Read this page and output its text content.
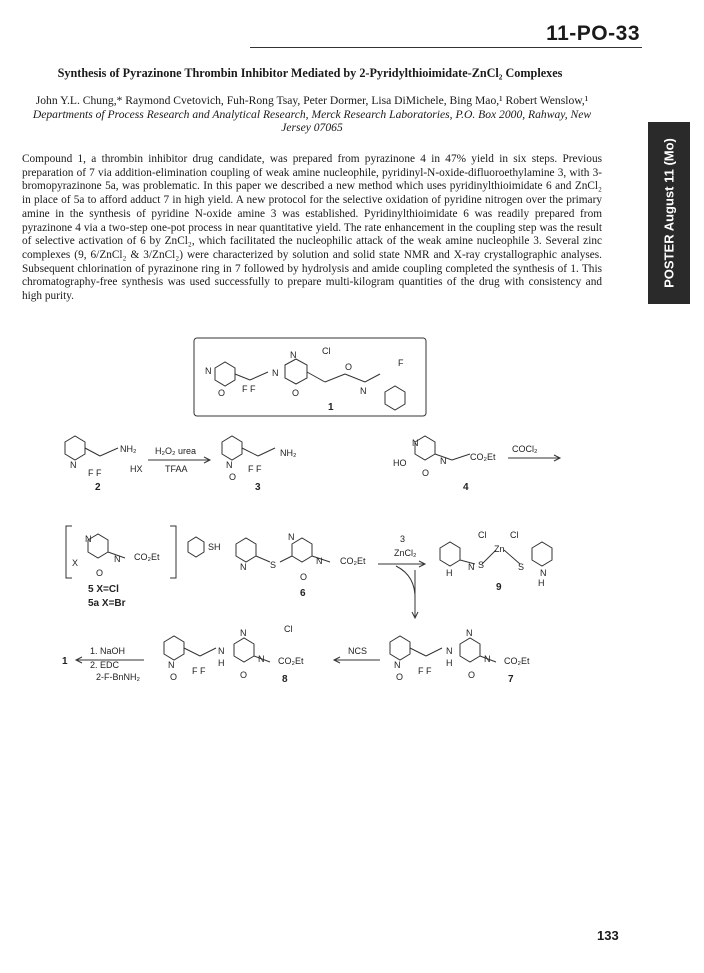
11-PO-33
POSTER August 11 (Mo)
Synthesis of Pyrazinone Thrombin Inhibitor Mediated by 2-Pyridylthioimidate-ZnCl₂ Complexes
John Y.L. Chung,* Raymond Cvetovich, Fuh-Rong Tsay, Peter Dormer, Lisa DiMichele, Bing Mao,¹ Robert Wenslow,¹ Departments of Process Research and Analytical Research, Merck Research Laboratories, P.O. Box 2000, Rahway, New Jersey 07065
Compound 1, a thrombin inhibitor drug candidate, was prepared from pyrazinone 4 in 47% yield in six steps. Previous preparation of 7 via addition-elimination coupling of weak amine nucleophile, pyridinyl-N-oxide-difluoroethylamine 3, with 3-bromopyrazinone 5a, was problematic. In this paper we described a new method which uses pyridinylthioimidate 6 and ZnCl₂ in place of 5a to afford adduct 7 in high yield. A new protocol for the selective oxidation of pyridine nitrogen over the primary amine in the synthesis of pyridine N-oxide amine 3 was established. Pyridinylthioimidate 6 was readily prepared from pyrazinone 4 via a two-step one-pot process in near quantitative yield. The rate enhancement in the coupling step was the result of selective activation of 6 by ZnCl₂, which facilitated the nucleophilic attack of the weak amine nucleophile 3. Several zinc complexes (9, 6/ZnCl₂ & 3/ZnCl₂) were characterized by solution and solid state NMR and X-ray crystallographic analyses. Subsequent chlorination of pyrazinone ring in 7 followed by hydrolysis and amide coupling completed the synthesis of 1. This chromatography-free synthesis was used successfully to prepare multi-kilogram quantities of the drug with consistency and high purity.
N
O F F
N
N	Cl
O
O
N
F
1
N
NH₂
F F	HX
2
H₂O₂ urea
TFAA	N
O
NH₂
F F
3
N
HO	N	CO₂Et
O
4
COCl₂
N
X	N CO₂Et
O
5 X=Cl
5a X=Br
SH
N	S
N
N CO₂Et
O
6
3
ZnCl₂
H
N S
Cl	Cl
Zn
S
N
H
9
1
1. NaOH
2. EDC
2-F-BnNH₂
N
O
F F
N
H
N	Cl
N CO₂Et
O	8
NCS
N
O
F F
N
H
N
N CO₂Et
O	7
133
